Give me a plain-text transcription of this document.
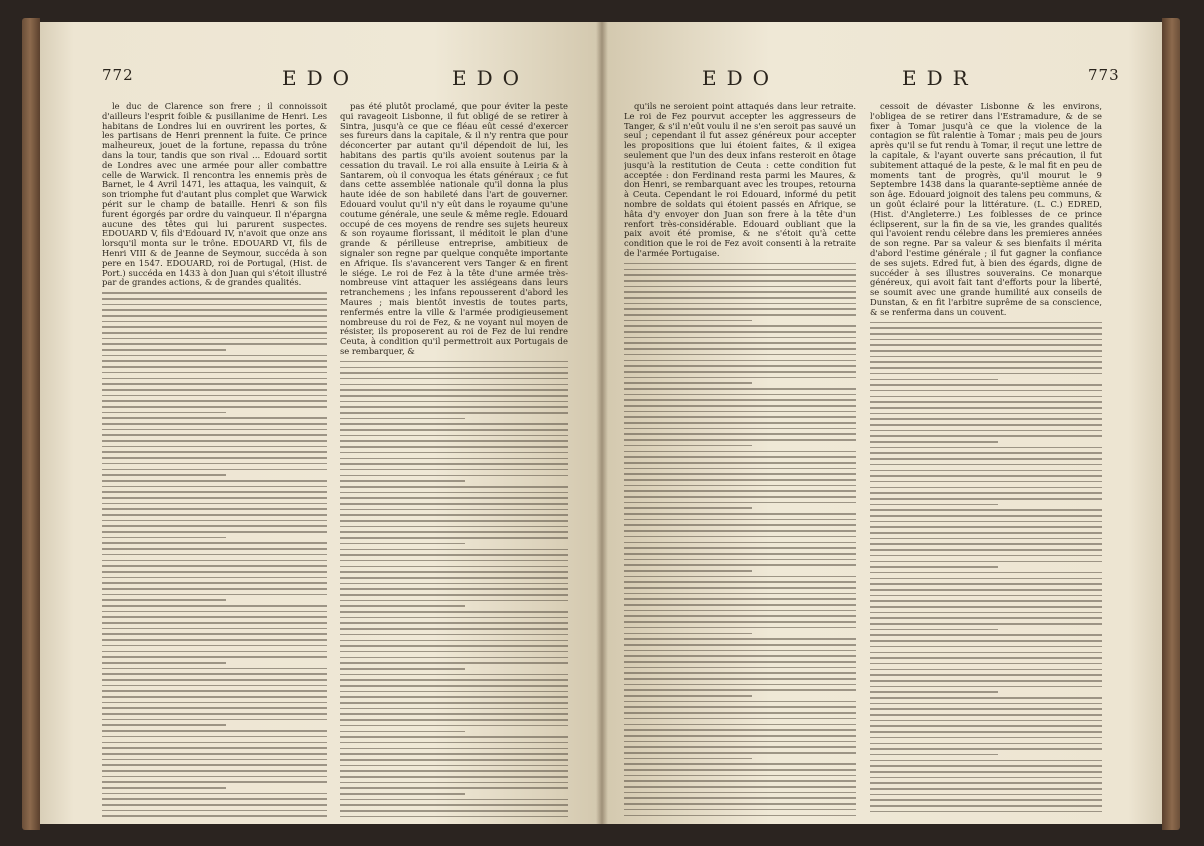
772	EDO	EDO

le duc de Clarence son frere ; il connoissoit d'ailleurs l'esprit foible & pusillanime de Henri. Les habitans de Londres lui en ouvrirent les portes, & les partisans de Henri prennent la fuite. Ce prince malheureux, jouet de la fortune, repassa du trône dans la tour, tandis que son rival ... Edouard sortit de Londres avec une armée pour aller combattre celle de Warwick. Il rencontra les ennemis près de Barnet, le 4 Avril 1471, les attaqua, les vainquit, & son triomphe fut d'autant plus complet que Warwick périt sur le champ de bataille. Henri & son fils furent égorgés par ordre du vainqueur. Il n'épargna aucune des têtes qui lui parurent suspectes. EDOUARD V, fils d'Edouard IV, n'avoit que onze ans lorsqu'il monta sur le trône. EDOUARD VI, fils de Henri VIII & de Jeanne de Seymour, succéda à son pere en 1547. EDOUARD, roi de Portugal, (Hist. de Port.) succéda en 1433 à don Juan qui s'étoit illustré par de grandes actions, & de grandes qualités.

pas été plutôt proclamé, que pour éviter la peste qui ravageoit Lisbonne, il fut obligé de se retirer à Sintra, jusqu'à ce que ce fléau eût cessé d'exercer ses fureurs dans la capitale, & il n'y rentra que pour déconcerter par autant qu'il dépendoit de lui, les habitans des partis qu'ils avoient soutenus par la cessation du travail. Le roi alla ensuite à Leiria & à Santarem, où il convoqua les états généraux ; ce fut dans cette assemblée nationale qu'il donna la plus haute idée de son habileté dans l'art de gouverner. Edouard voulut qu'il n'y eût dans le royaume qu'une coutume générale, une seule & même regle. Edouard occupé de ces moyens de rendre ses sujets heureux & son royaume florissant, il méditoit le plan d'une grande & périlleuse entreprise, ambitieux de signaler son regne par quelque conquête importante en Afrique. Ils s'avancerent vers Tanger & en firent le siége. Le roi de Fez à la tête d'une armée très-nombreuse vint attaquer les assiégeans dans leurs retranchemens ; les infans repousserent d'abord les Maures ; mais bientôt investis de toutes parts, renfermés entre la ville & l'armée prodigieusement nombreuse du roi de Fez, & ne voyant nul moyen de résister, ils proposerent au roi de Fez de lui rendre Ceuta, à condition qu'il permettroit aux Portugais de se rembarquer, &

EDO	EDR	773

qu'ils ne seroient point attaqués dans leur retraite. Le roi de Fez pourvut accepter les aggresseurs de Tanger, & s'il n'eût voulu il ne s'en seroit pas sauvé un seul ; cependant il fut assez généreux pour accepter les propositions que lui étoient faites, & il exigea seulement que l'un des deux infans resteroit en ôtage jusqu'à la restitution de Ceuta : cette condition fut acceptée : don Ferdinand resta parmi les Maures, & don Henri, se rembarquant avec les troupes, retourna à Ceuta. Cependant le roi Edouard, informé du petit nombre de soldats qui étoient passés en Afrique, se hâta d'y envoyer don Juan son frere à la tête d'un renfort très-considérable. Edouard oubliant que la paix avoit été promise, & ne s'étoit qu'à cette condition que le roi de Fez avoit consenti à la retraite de l'armée Portugaise.

cessoit de dévaster Lisbonne & les environs, l'obligea de se retirer dans l'Estramadure, & de se fixer à Tomar jusqu'à ce que la violence de la contagion se fût ralentie à Tomar ; mais peu de jours après qu'il se fut rendu à Tomar, il reçut une lettre de la capitale, & l'ayant ouverte sans précaution, il fut subitement attaqué de la peste, & le mal fit en peu de moments tant de progrès, qu'il mourut le 9 Septembre 1438 dans la quarante-septième année de son âge. Edouard joignoit des talens peu communs, & un goût éclairé pour la littérature. (L. C.) EDRED, (Hist. d'Angleterre.) Les foiblesses de ce prince éclipserent, sur la fin de sa vie, les grandes qualités qui l'avoient rendu célebre dans les premieres années de son regne. Par sa valeur & ses bienfaits il mérita d'abord l'estime générale ; il fut gagner la confiance de ses sujets. Edred fut, à bien des égards, digne de succéder à ses illustres souverains. Ce monarque généreux, qui avoit fait tant d'efforts pour la liberté, se soumit avec une grande humilité aux conseils de Dunstan, & en fit l'arbitre suprême de sa conscience, & se renferma dans un couvent.
